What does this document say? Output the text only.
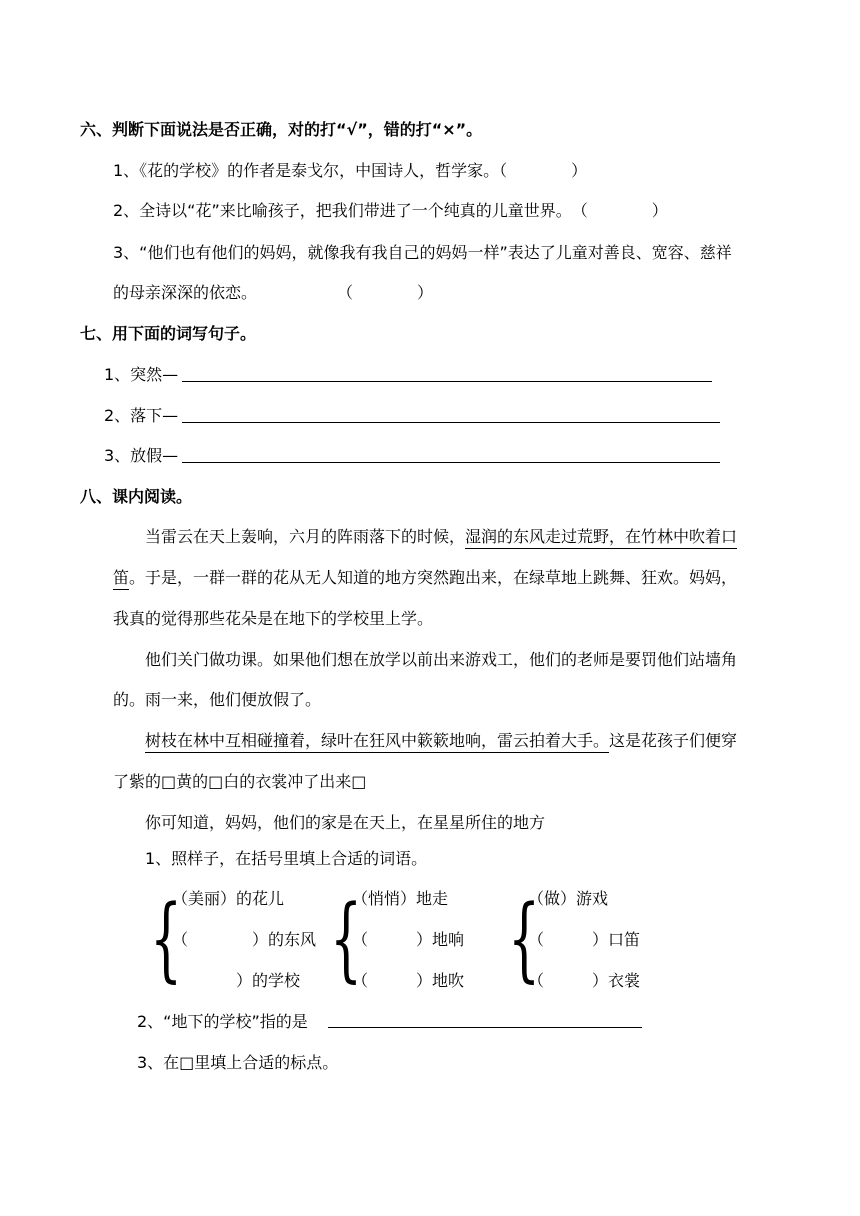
六、判断下面说法是否正确，对的打“√”，错的打“×”。
1、《花的学校》的作者是泰戈尔，中国诗人，哲学家。（　　　　）
2、全诗以“花”来比喻孩子，把我们带进了一个纯真的儿童世界。　（　　　　）
3、“他们也有他们的妈妈，就像我有我自己的妈妈一样”表达了儿童对善良、宽容、慈祥
的母亲深深的依恋。　　　　　　（　　　　）
七、用下面的词写句子。
1、突然—
2、落下—
3、放假—
八、课内阅读。
当雷云在天上轰响，六月的阵雨落下的时候，湿润的东风走过荒野，在竹林中吹着口
笛。于是，一群一群的花从无人知道的地方突然跑出来，在绿草地上跳舞、狂欢。妈妈，
我真的觉得那些花朵是在地下的学校里上学。
他们关门做功课。如果他们想在放学以前出来游戏工，他们的老师是要罚他们站墙角
的。雨一来，他们便放假了。
树枝在林中互相碰撞着，绿叶在狂风中簌簌地响，雷云拍着大手。这是花孩子们便穿
了紫的□黄的□白的衣裳冲了出来□
你可知道，妈妈，他们的家是在天上，在星星所住的地方
1、照样子，在括号里填上合适的词语。
{
（美丽）的花儿
（　　　　）的东风
　　　　）的学校 {
（悄悄）地走
（　　　）地响
（　　　）地吹 {
（做）游戏
（　　　）口笛
（　　　）衣裳
2、“地下的学校”指的是
3、在□里填上合适的标点。
